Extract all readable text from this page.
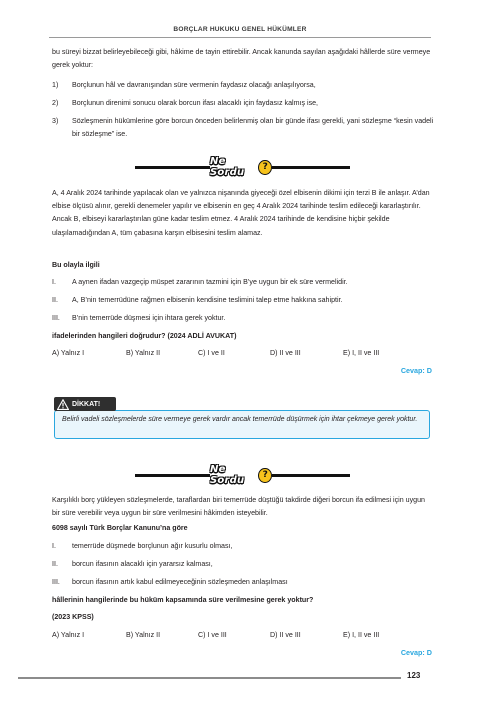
BORÇLAR HUKUKU GENEL HÜKÜMLER
bu süreyi bizzat belirleyebileceği gibi, hâkime de tayin ettirebilir. Ancak kanunda sayılan aşağıdaki hâllerde süre vermeye gerek yoktur:
1) Borçlunun hâl ve davranışından süre vermenin faydasız olacağı anlaşılıyorsa,
2) Borçlunun direnimi sonucu olarak borcun ifası alacaklı için faydasız kalmış ise,
3) Sözleşmenin hükümlerine göre borcun önceden belirlenmiş olan bir günde ifası gerekli, yani sözleşme “kesin vadeli bir sözleşme” ise.
Ne Sordu
?
A, 4 Aralık 2024 tarihinde yapılacak olan ve yalnızca nişanında giyeceği özel elbisenin dikimi için terzi B ile anlaşır. A’dan elbise ölçüsü alınır, gerekli denemeler yapılır ve elbisenin en geç 4 Aralık 2024 tarihinde teslim edileceği kararlaştırılır. Ancak B, elbiseyi kararlaştırılan güne kadar teslim etmez. 4 Aralık 2024 tarihinde de kendisine hiçbir şekilde ulaşılamadığından A, tüm çabasına karşın elbisesini teslim alamaz.
Bu olayla ilgili
I. A aynen ifadan vazgeçip müspet zararının tazmini için B’ye uygun bir ek süre vermelidir.
II. A, B’nin temerrüdüne rağmen elbisenin kendisine teslimini talep etme hakkına sahiptir.
III. B’nin temerrüde düşmesi için ihtara gerek yoktur.
ifadelerinden hangileri doğrudur? (2024 ADLİ AVUKAT)
A) Yalnız I	B) Yalnız II	C) I ve II	D) II ve III	E) I, II ve III
Cevap: D
Belirli vadeli sözleşmelerde süre vermeye gerek vardır ancak temerrüde düşürmek için ihtar çekmeye gerek yoktur.
DİKKAT!
Ne Sordu
?
Karşılıklı borç yükleyen sözleşmelerde, taraflardan biri temerrüde düştüğü takdirde diğeri borcun ifa edilmesi için uygun bir süre verebilir veya uygun bir süre verilmesini hâkimden isteyebilir.
6098 sayılı Türk Borçlar Kanunu’na göre
I. temerrüde düşmede borçlunun ağır kusurlu olması,
II. borcun ifasının alacaklı için yararsız kalması,
III. borcun ifasının artık kabul edilmeyeceğinin sözleşmeden anlaşılması
hâllerinin hangilerinde bu hüküm kapsamında süre verilmesine gerek yoktur?
(2023 KPSS)
A) Yalnız I	B) Yalnız II	C) I ve III	D) II ve III	E) I, II ve III
Cevap: D
123
